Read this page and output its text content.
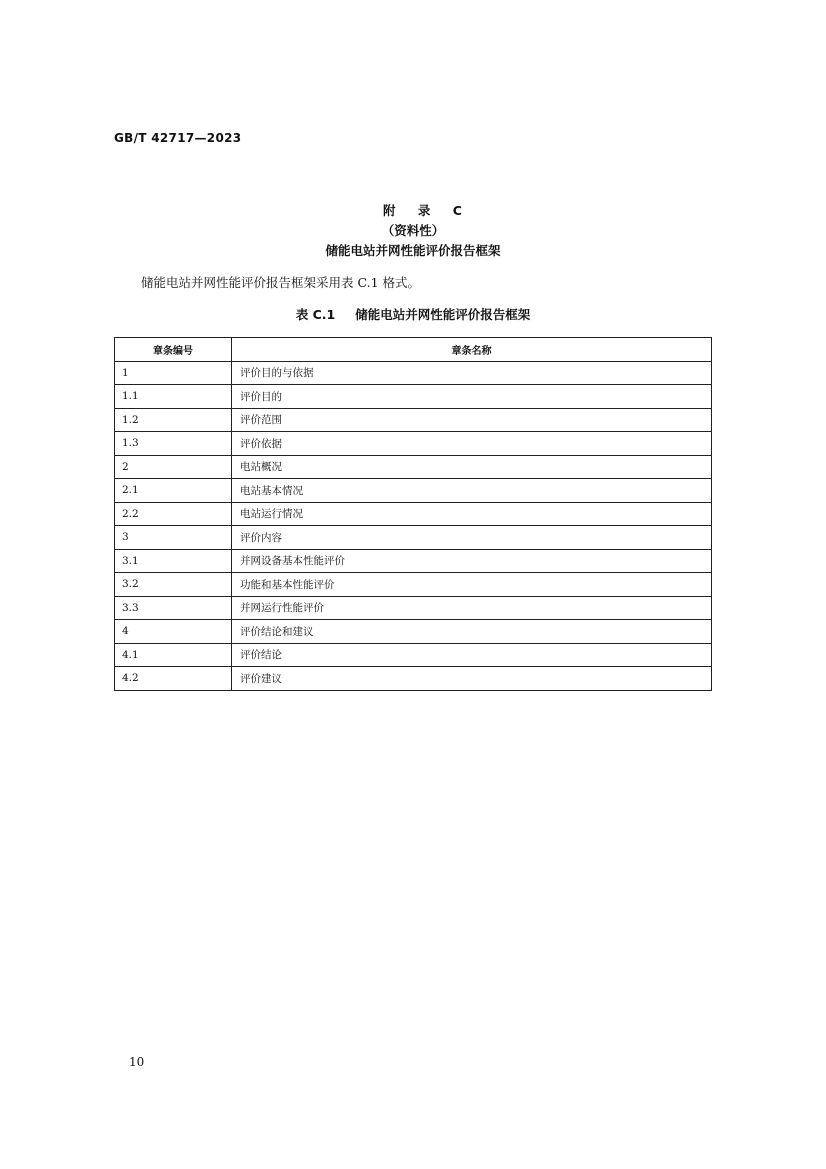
GB/T 42717—2023
附 录 C
（资料性）
储能电站并网性能评价报告框架
储能电站并网性能评价报告框架采用表 C.1 格式。
表 C.1 储能电站并网性能评价报告框架
章条编号	章条名称
1	评价目的与依据
1.1	评价目的
1.2	评价范围
1.3	评价依据
2	电站概况
2.1	电站基本情况
2.2	电站运行情况
3	评价内容
3.1	并网设备基本性能评价
3.2	功能和基本性能评价
3.3	并网运行性能评价
4	评价结论和建议
4.1	评价结论
4.2	评价建议
10
